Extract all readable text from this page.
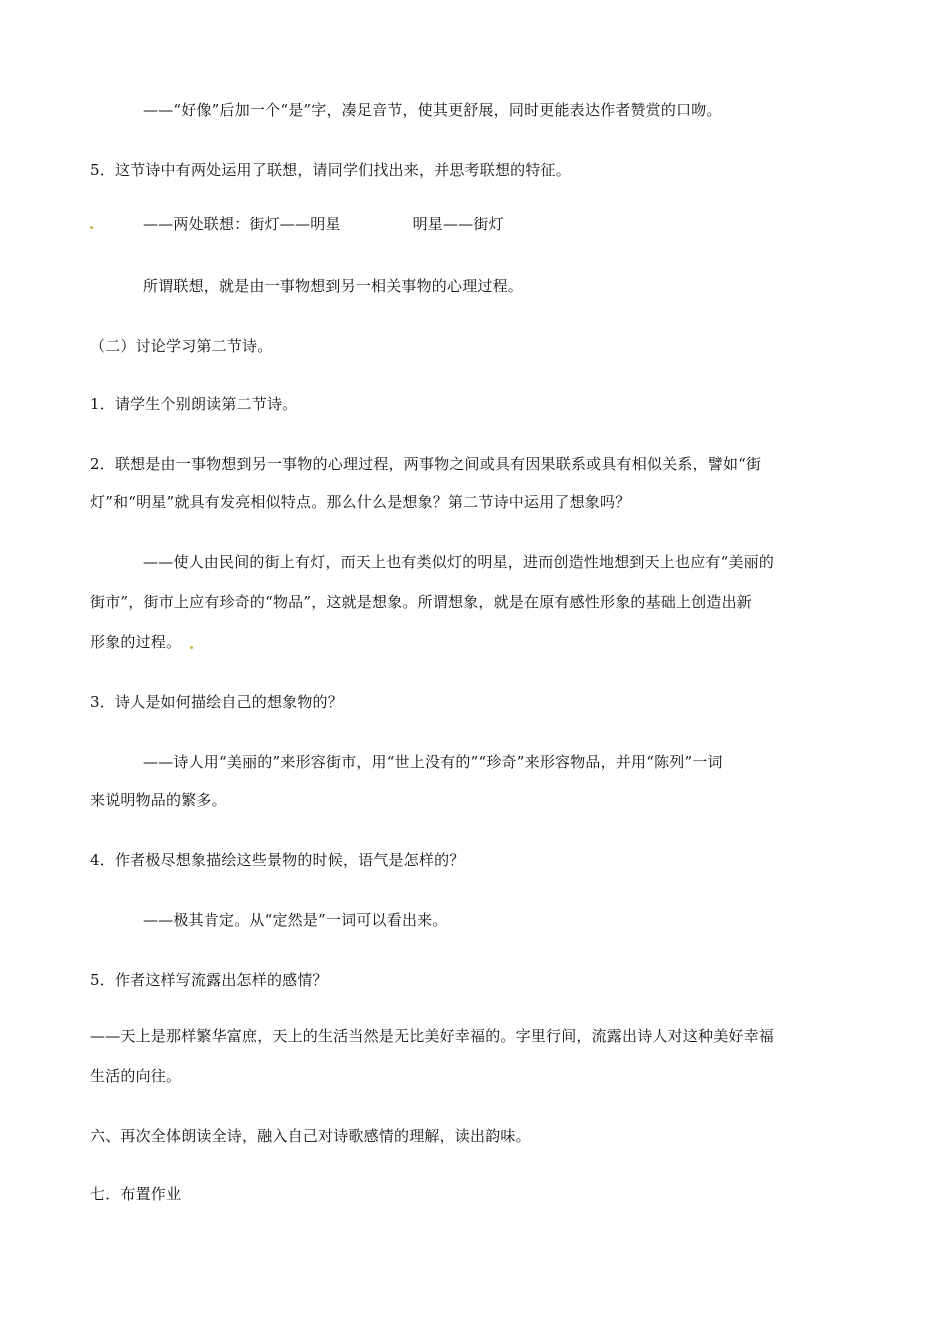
——“好像”后加一个“是”字，凑足音节，使其更舒展，同时更能表达作者赞赏的口吻。
5．这节诗中有两处运用了联想，请同学们找出来，并思考联想的特征。
——两处联想：街灯——明星	明星——街灯
所谓联想，就是由一事物想到另一相关事物的心理过程。
（二）讨论学习第二节诗。
1．请学生个别朗读第二节诗。
2．联想是由一事物想到另一事物的心理过程，两事物之间或具有因果联系或具有相似关系，譬如“街
灯”和“明星”就具有发亮相似特点。那么什么是想象？第二节诗中运用了想象吗？
——使人由民间的街上有灯，而天上也有类似灯的明星，进而创造性地想到天上也应有“美丽的
街市”，街市上应有珍奇的“物品”，这就是想象。所谓想象，就是在原有感性形象的基础上创造出新
形象的过程。
3．诗人是如何描绘自己的想象物的？
——诗人用“美丽的”来形容街市，用“世上没有的”“珍奇”来形容物品，并用“陈列”一词
来说明物品的繁多。
4．作者极尽想象描绘这些景物的时候，语气是怎样的？
——极其肯定。从“定然是”一词可以看出来。
5．作者这样写流露出怎样的感情？
——天上是那样繁华富庶，天上的生活当然是无比美好幸福的。字里行间，流露出诗人对这种美好幸福
生活的向往。
六、再次全体朗读全诗，融入自己对诗歌感情的理解，读出韵味。
七．布置作业
